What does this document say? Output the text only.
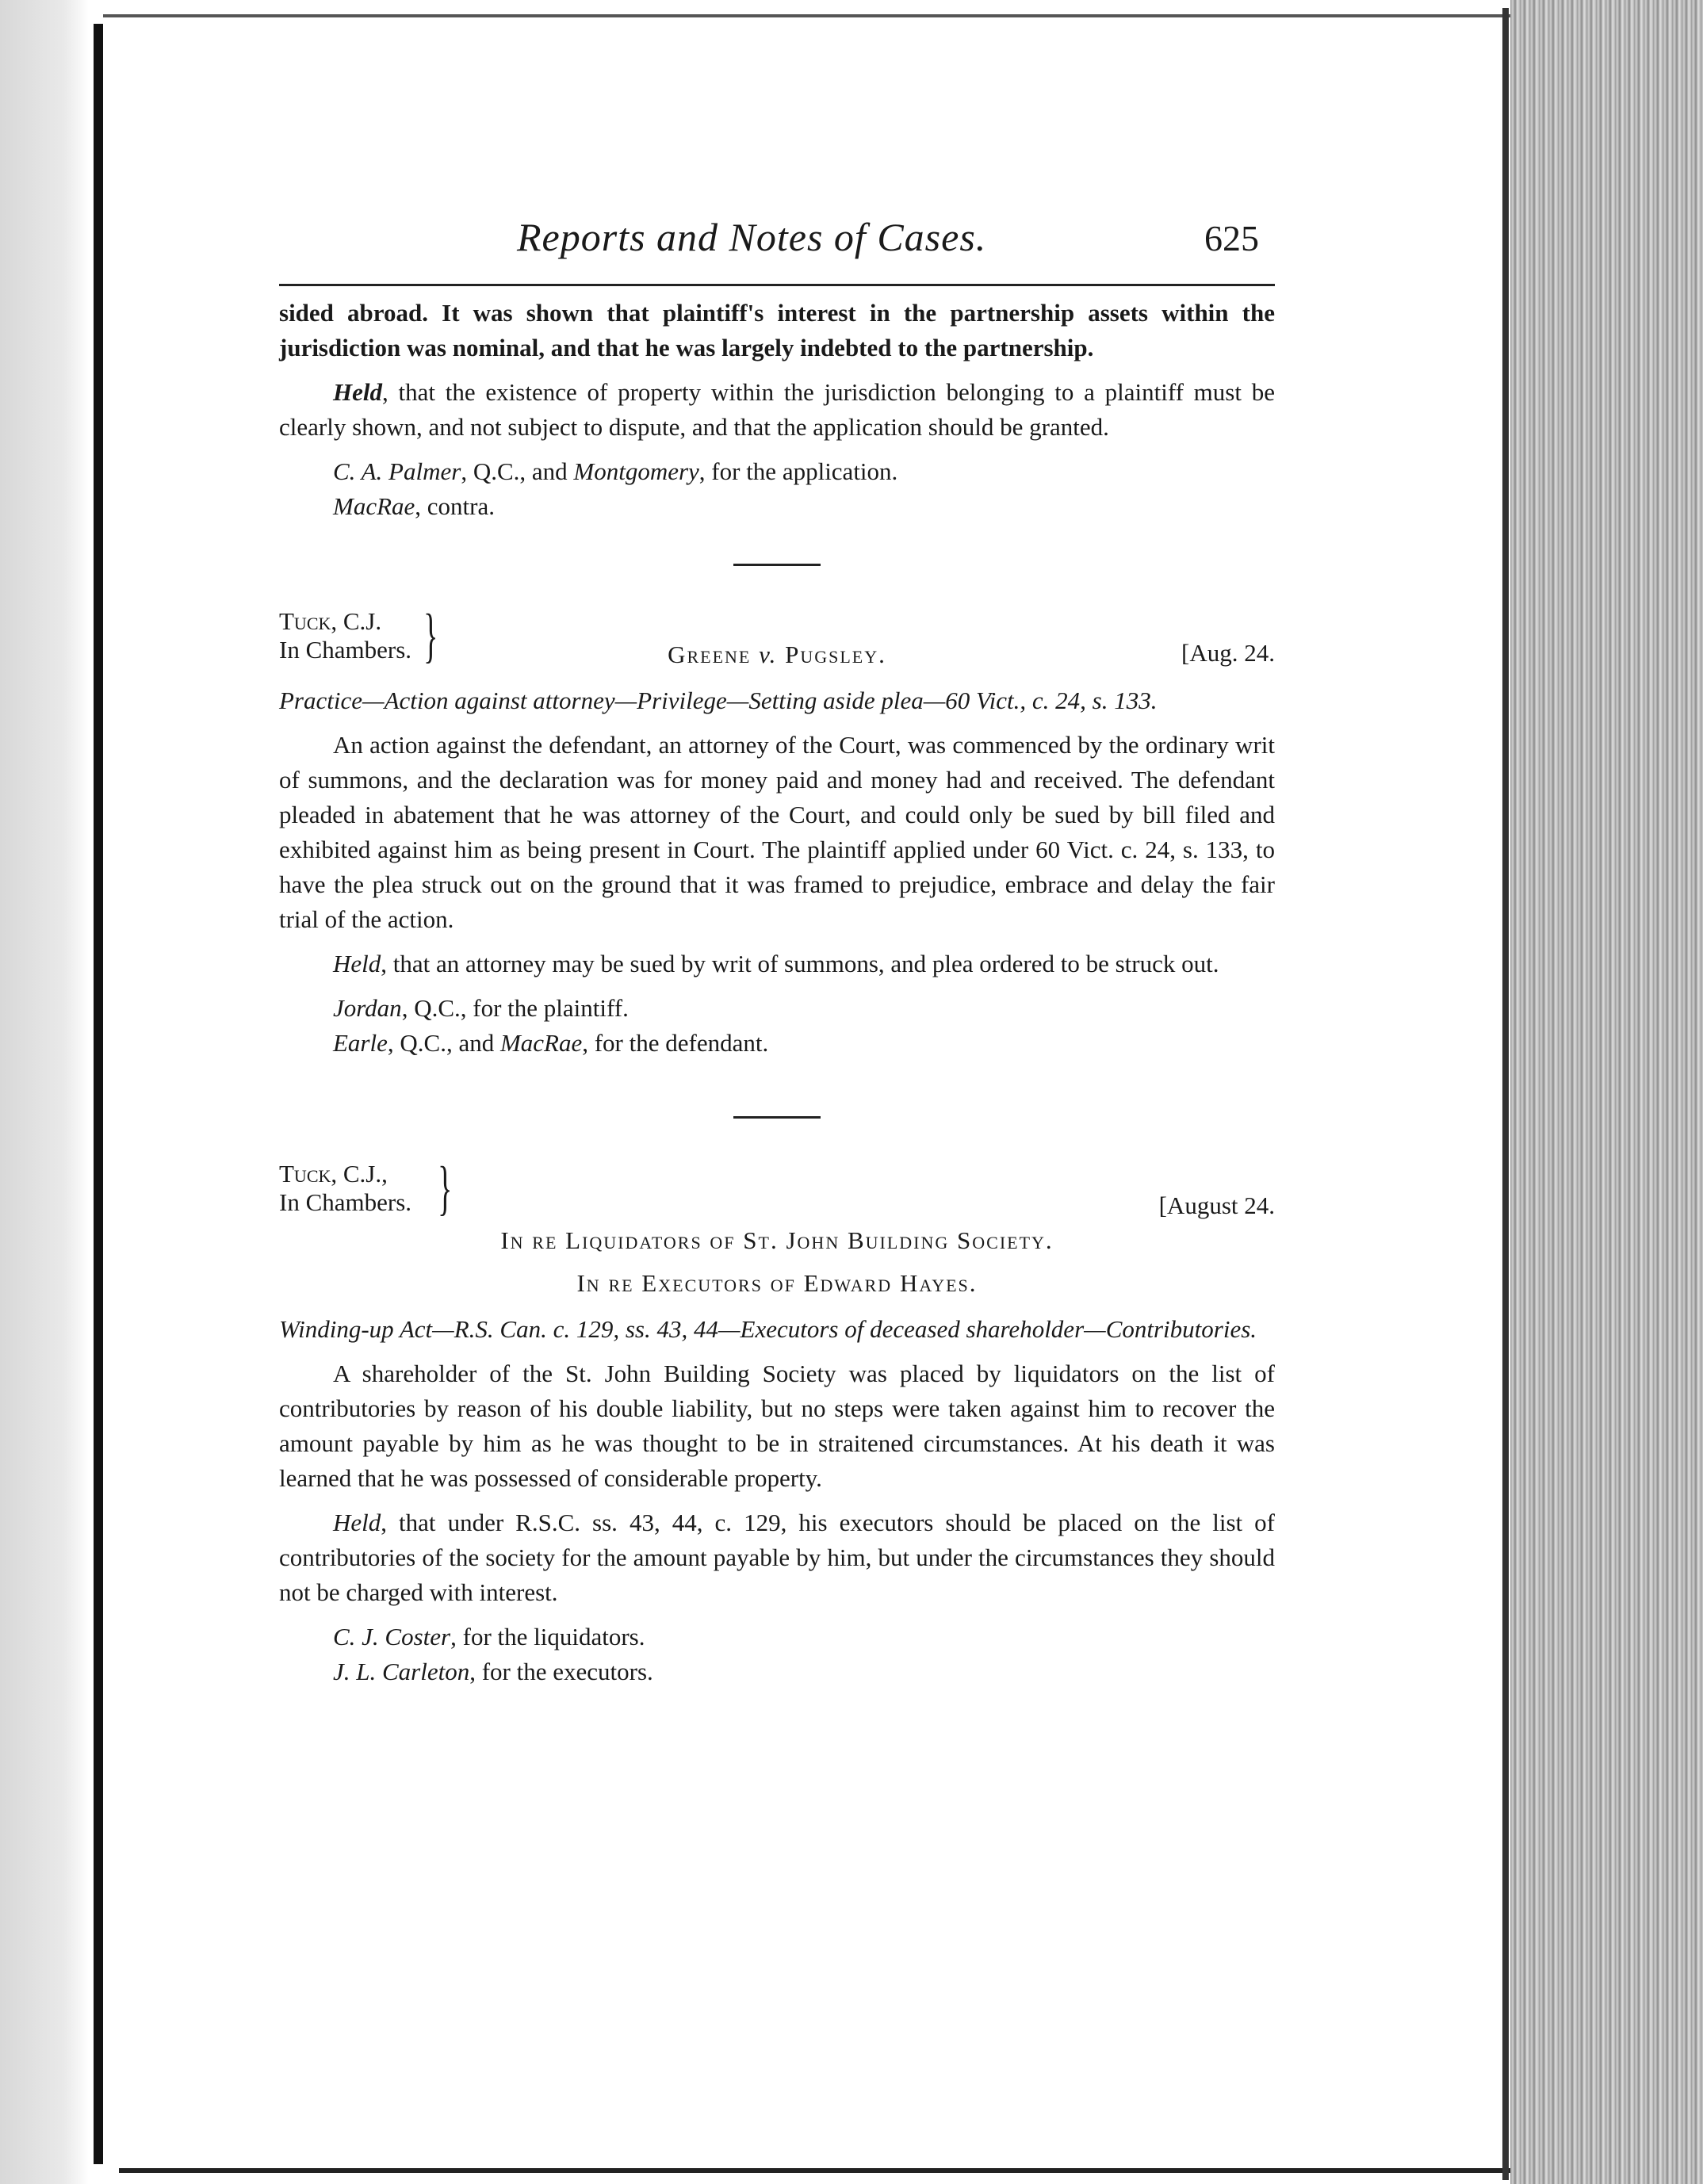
Reports and Notes of Cases.	625

sided abroad. It was shown that plaintiff's interest in the partnership assets within the jurisdiction was nominal, and that he was largely indebted to the partnership.

Held, that the existence of property within the jurisdiction belonging to a plaintiff must be clearly shown, and not subject to dispute, and that the application should be granted.

C. A. Palmer, Q.C., and Montgomery, for the application.

MacRae, contra.

Tuck, C.J.
In Chambers. }	[Aug. 24.
Greene v. Pugsley.

Practice—Action against attorney—Privilege—Setting aside plea—60 Vict., c. 24, s. 133.

An action against the defendant, an attorney of the Court, was commenced by the ordinary writ of summons, and the declaration was for money paid and money had and received. The defendant pleaded in abatement that he was attorney of the Court, and could only be sued by bill filed and exhibited against him as being present in Court. The plaintiff applied under 60 Vict. c. 24, s. 133, to have the plea struck out on the ground that it was framed to prejudice, embrace and delay the fair trial of the action.

Held, that an attorney may be sued by writ of summons, and plea ordered to be struck out.

Jordan, Q.C., for the plaintiff.

Earle, Q.C., and MacRae, for the defendant.

Tuck, C.J.,
In Chambers. }	[August 24.
In re Liquidators of St. John Building Society.
In re Executors of Edward Hayes.

Winding-up Act—R.S. Can. c. 129, ss. 43, 44—Executors of deceased shareholder—Contributories.

A shareholder of the St. John Building Society was placed by liquidators on the list of contributories by reason of his double liability, but no steps were taken against him to recover the amount payable by him as he was thought to be in straitened circumstances. At his death it was learned that he was possessed of considerable property.

Held, that under R.S.C. ss. 43, 44, c. 129, his executors should be placed on the list of contributories of the society for the amount payable by him, but under the circumstances they should not be charged with interest.

C. J. Coster, for the liquidators.

J. L. Carleton, for the executors.
